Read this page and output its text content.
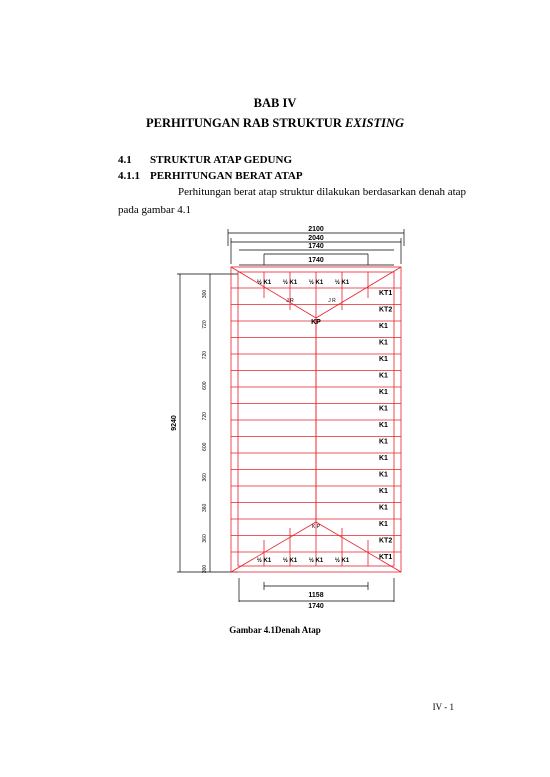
BAB IV
PERHITUNGAN RAB STRUKTUR EXISTING
4.1 STRUKTUR ATAP GEDUNG
4.1.1 PERHITUNGAN BERAT ATAP
Perhitungan berat atap struktur dilakukan berdasarkan denah atap
pada gambar 4.1
KT1
KT2
K1
K1
K1
K1
K1
K1
K1
K1
K1
K1
K1
K1
K1
KT2
KT1
2100
2040
1740
1740
1158
1740
9240
300
720
720
600
720
600
360
360
360
300
½ K1 ½ K1 ½ K1 ½ K1
½ K1 ½ K1 ½ K1 ½ K1
J R	J R
KP
K P
Gambar 4.1Denah Atap
IV - 1
